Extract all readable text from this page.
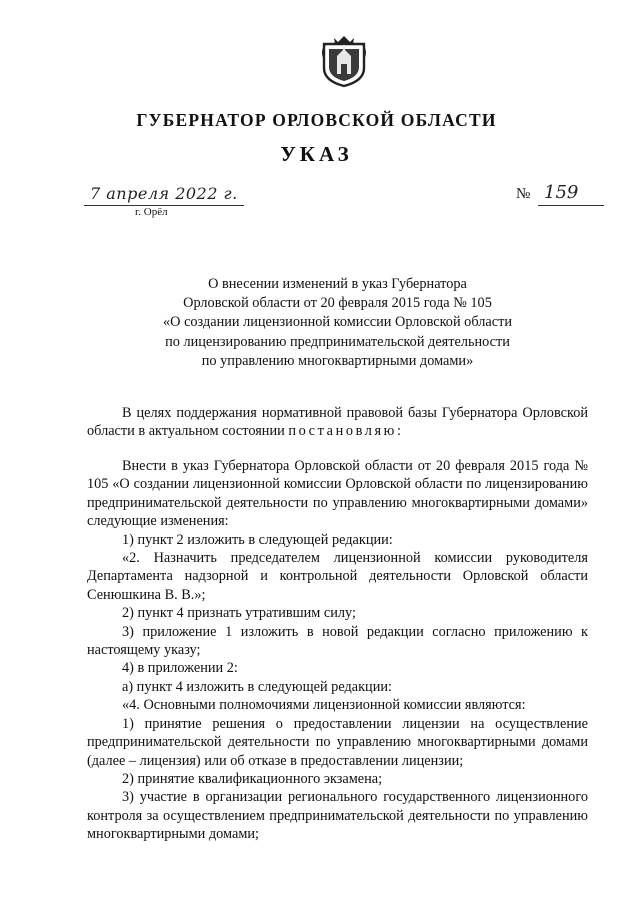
ГУБЕРНАТОР ОРЛОВСКОЙ ОБЛАСТИ
УКАЗ
7 апреля 2022 г.
г. Орёл
№ 159
О внесении изменений в указ Губернатора
Орловской области от 20 февраля 2015 года № 105
«О создании лицензионной комиссии Орловской области
по лицензированию предпринимательской деятельности
по управлению многоквартирными домами»

В целях поддержания нормативной правовой базы Губернатора Орловской области в актуальном состоянии постановляю:

Внести в указ Губернатора Орловской области от 20 февраля 2015 года № 105 «О создании лицензионной комиссии Орловской области по лицензированию предпринимательской деятельности по управлению многоквартирными домами» следующие изменения:

1) пункт 2 изложить в следующей редакции:

«2. Назначить председателем лицензионной комиссии руководителя Департамента надзорной и контрольной деятельности Орловской области Сенюшкина В. В.»;

2) пункт 4 признать утратившим силу;

3) приложение 1 изложить в новой редакции согласно приложению к настоящему указу;

4) в приложении 2:

а) пункт 4 изложить в следующей редакции:

«4. Основными полномочиями лицензионной комиссии являются:

1) принятие решения о предоставлении лицензии на осуществление предпринимательской деятельности по управлению многоквартирными домами (далее – лицензия) или об отказе в предоставлении лицензии;

2) принятие квалификационного экзамена;

3) участие в организации регионального государственного лицензионного контроля за осуществлением предпринимательской деятельности по управлению многоквартирными домами;
